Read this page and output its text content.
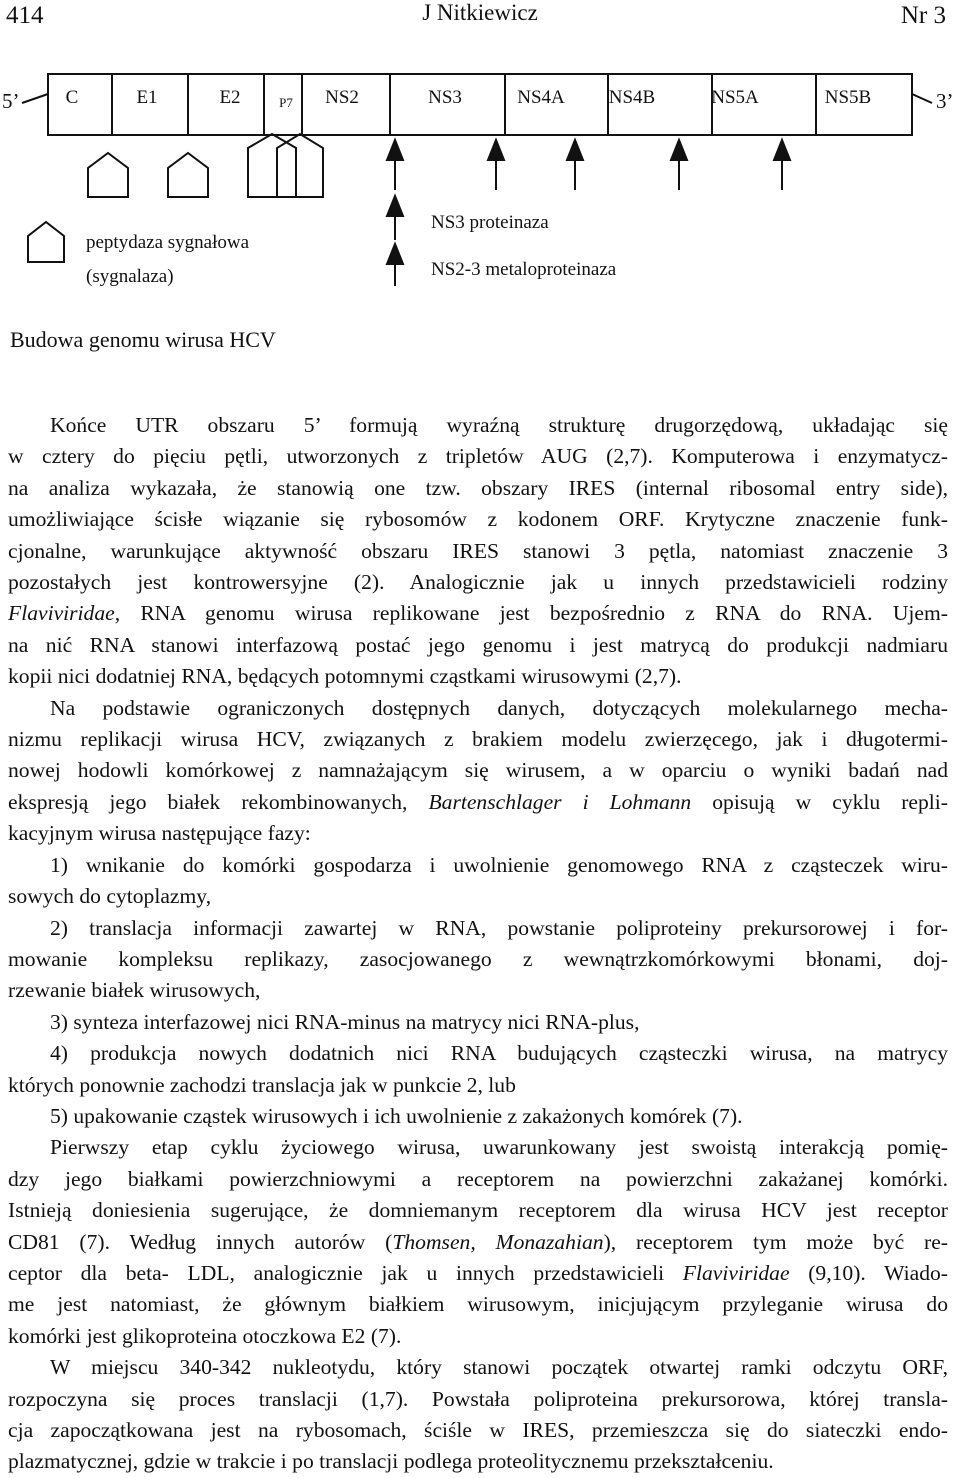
414	J Nitkiewicz	Nr 3
5’	3’
C	E1	E2	P7 NS2	NS3	NS4A NS4B	NS5A	NS5B
peptydaza sygnałowa
(sygnalaza)
NS3 proteinaza
NS2-3 metaloproteinaza
Budowa genomu wirusa HCV

Końce UTR obszaru 5’ formują wyraźną strukturę drugorzędową, układając się

w cztery do pięciu pętli, utworzonych z tripletów AUG (2,7). Komputerowa i enzymatycz-

na analiza wykazała, że stanowią one tzw. obszary IRES (internal ribosomal entry side),

umożliwiające ścisłe wiązanie się rybosomów z kodonem ORF. Krytyczne znaczenie funk-

cjonalne, warunkujące aktywność obszaru IRES stanowi 3 pętla, natomiast znaczenie 3

pozostałych jest kontrowersyjne (2). Analogicznie jak u innych przedstawicieli rodziny

Flaviviridae, RNA genomu wirusa replikowane jest bezpośrednio z RNA do RNA. Ujem-

na nić RNA stanowi interfazową postać jego genomu i jest matrycą do produkcji nadmiaru

kopii nici dodatniej RNA, będących potomnymi cząstkami wirusowymi (2,7).

Na podstawie ograniczonych dostępnych danych, dotyczących molekularnego mecha-

nizmu replikacji wirusa HCV, związanych z brakiem modelu zwierzęcego, jak i długotermi-

nowej hodowli komórkowej z namnażającym się wirusem, a w oparciu o wyniki badań nad

ekspresją jego białek rekombinowanych, Bartenschlager i Lohmann opisują w cyklu repli-

kacyjnym wirusa następujące fazy:

1) wnikanie do komórki gospodarza i uwolnienie genomowego RNA z cząsteczek wiru-

sowych do cytoplazmy,

2) translacja informacji zawartej w RNA, powstanie poliproteiny prekursorowej i for-

mowanie kompleksu replikazy, zasocjowanego z wewnątrzkomórkowymi błonami, doj-

rzewanie białek wirusowych,

3) synteza interfazowej nici RNA-minus na matrycy nici RNA-plus,

4) produkcja nowych dodatnich nici RNA budujących cząsteczki wirusa, na matrycy

których ponownie zachodzi translacja jak w punkcie 2, lub

5) upakowanie cząstek wirusowych i ich uwolnienie z zakażonych komórek (7).

Pierwszy etap cyklu życiowego wirusa, uwarunkowany jest swoistą interakcją pomię-

dzy jego białkami powierzchniowymi a receptorem na powierzchni zakażanej komórki.

Istnieją doniesienia sugerujące, że domniemanym receptorem dla wirusa HCV jest receptor

CD81 (7). Według innych autorów (Thomsen, Monazahian), receptorem tym może być re-

ceptor dla beta- LDL, analogicznie jak u innych przedstawicieli Flaviviridae (9,10). Wiado-

me jest natomiast, że głównym białkiem wirusowym, inicjującym przyleganie wirusa do

komórki jest glikoproteina otoczkowa E2 (7).

W miejscu 340-342 nukleotydu, który stanowi początek otwartej ramki odczytu ORF,

rozpoczyna się proces translacji (1,7). Powstała poliproteina prekursorowa, której transla-

cja zapoczątkowana jest na rybosomach, ściśle w IRES, przemieszcza się do siateczki endo-

plazmatycznej, gdzie w trakcie i po translacji podlega proteolitycznemu przekształceniu.
